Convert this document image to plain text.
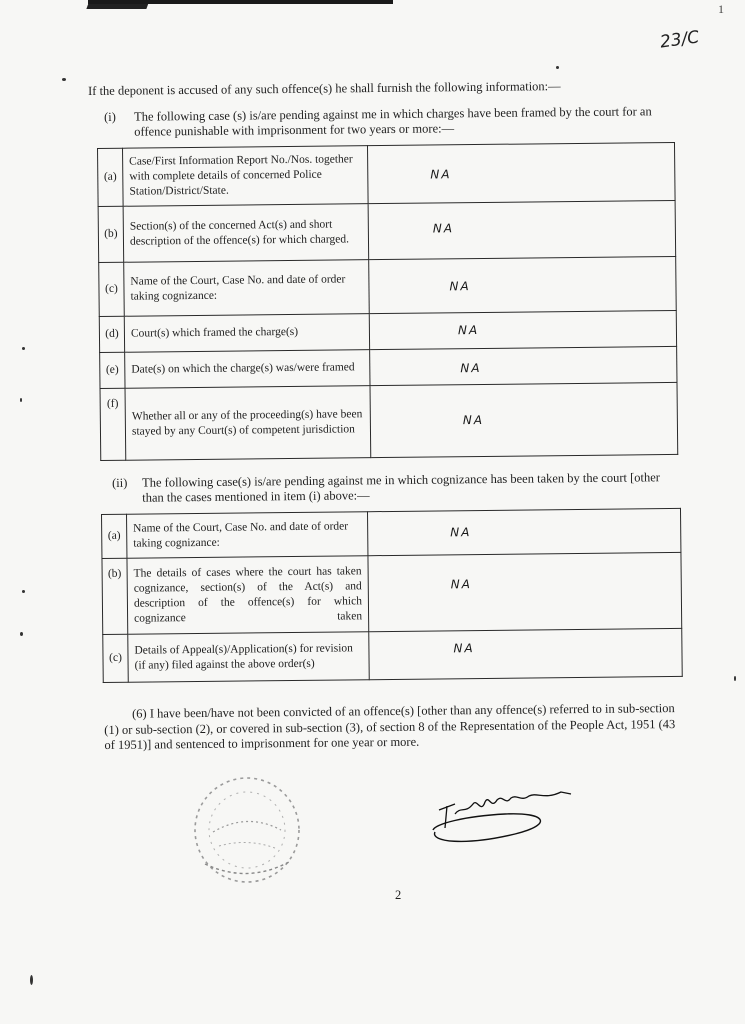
1
23/C
If the deponent is accused of any such offence(s) he shall furnish the following information:—
(i) The following case (s) is/are pending against me in which charges have been framed by the court for an offence punishable with imprisonment for two years or more:—
(a)	Case/First Information Report No./Nos. together with complete details of concerned Police Station/District/State.	NA

(b)	Section(s) of the concerned Act(s) and short description of the offence(s) for which charged.	NA

(c)	Name of the Court, Case No. and date of order taking cognizance:	NA

(d)	Court(s) which framed the charge(s)	NA

(e)	Date(s) on which the charge(s) was/were framed	NA

(f)	Whether all or any of the proceeding(s) have been stayed by any Court(s) of competent jurisdiction	NA
(ii) The following case(s) is/are pending against me in which cognizance has been taken by the court [other than the cases mentioned in item (i) above:—
(a)	Name of the Court, Case No. and date of order taking cognizance:	NA

(b)	The details of cases where the court has taken cognizance, section(s) of the Act(s) and description of the offence(s) for which cognizance taken	NA

(c)	Details of Appeal(s)/Application(s) for revision (if any) filed against the above order(s)	NA
(6) I have been/have not been convicted of an offence(s) [other than any offence(s) referred to in sub-section (1) or sub-section (2), or covered in sub-section (3), of section 8 of the Representation of the People Act, 1951 (43 of 1951)] and sentenced to imprisonment for one year or more.
2
